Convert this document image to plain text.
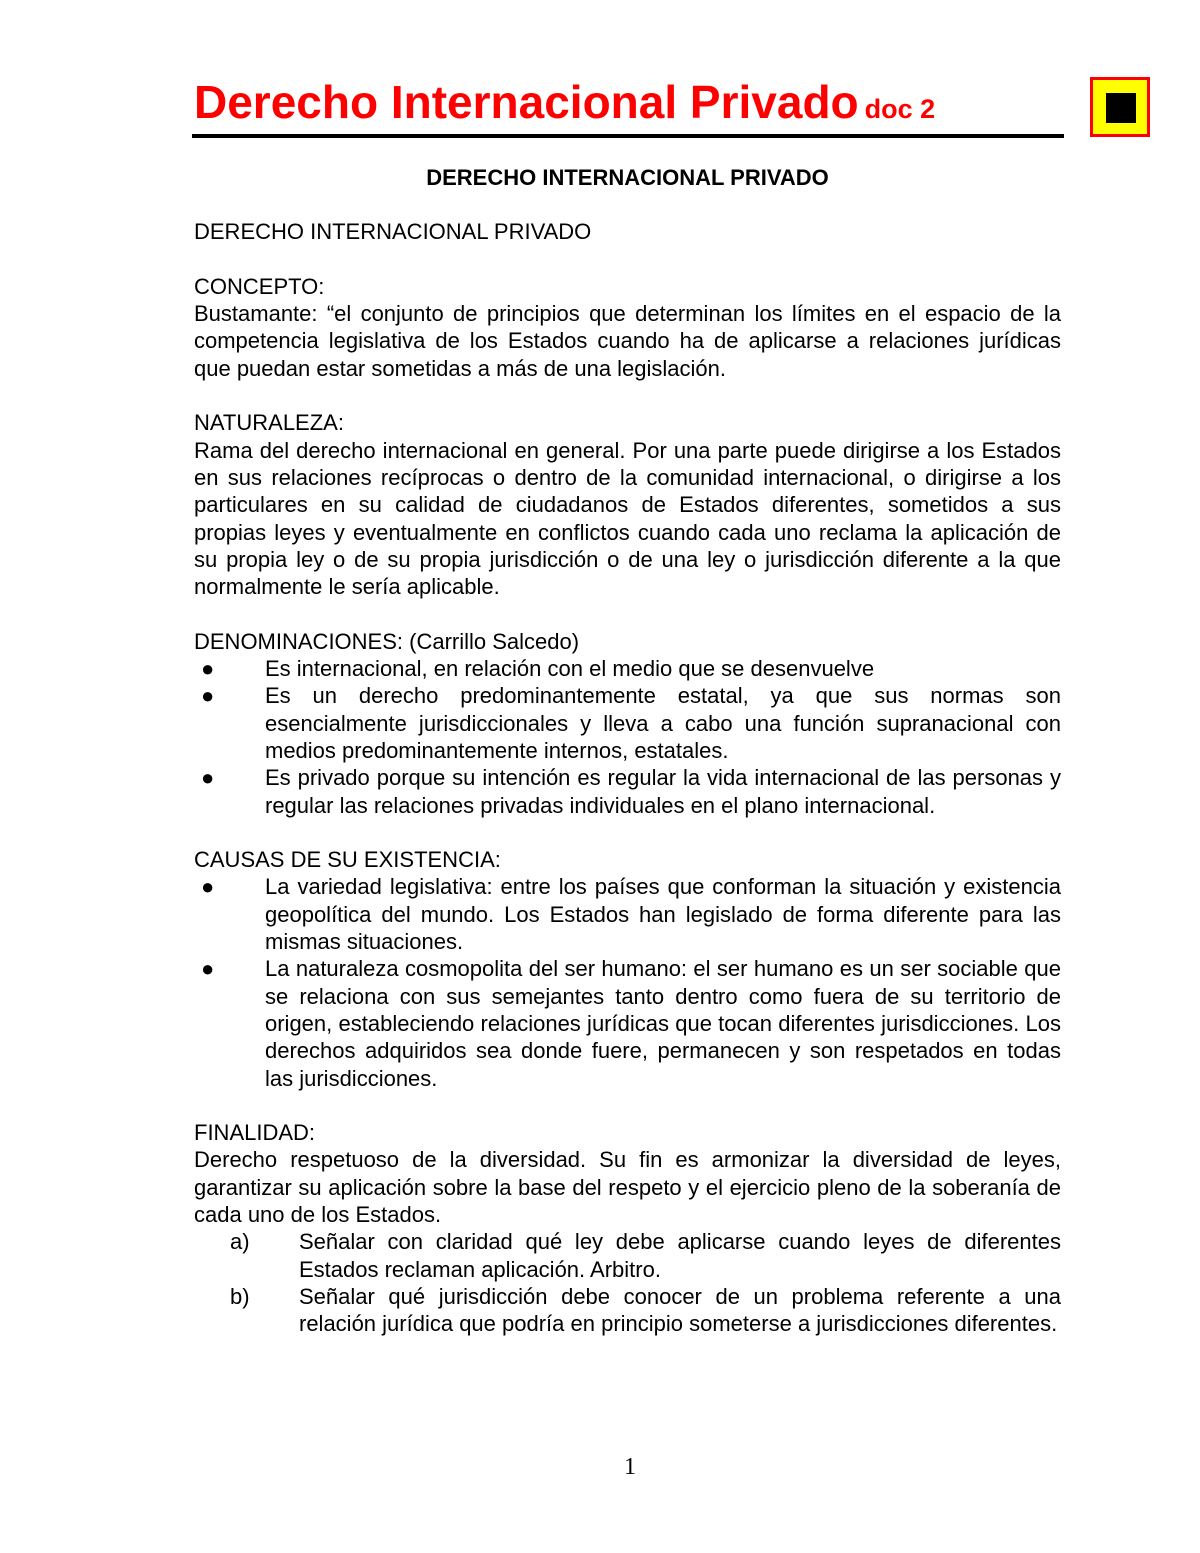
Derecho Internacional Privado doc 2

DERECHO INTERNACIONAL PRIVADO

DERECHO INTERNACIONAL PRIVADO

CONCEPTO:

Bustamante: “el conjunto de principios que determinan los límites en el espacio de la competencia legislativa de los Estados cuando ha de aplicarse a relaciones jurídicas que puedan estar sometidas a más de una legislación.

NATURALEZA:

Rama del derecho internacional en general. Por una parte puede dirigirse a los Estados en sus relaciones recíprocas o dentro de la comunidad internacional, o dirigirse a los particulares en su calidad de ciudadanos de Estados diferentes, sometidos a sus propias leyes y eventualmente en conflictos cuando cada uno reclama la aplicación de su propia ley o de su propia jurisdicción o de una ley o jurisdicción diferente a la que normalmente le sería aplicable.

DENOMINACIONES: (Carrillo Salcedo)

● Es internacional, en relación con el medio que se desenvuelve
● Es un derecho predominantemente estatal, ya que sus normas son esencialmente jurisdiccionales y lleva a cabo una función supranacional con medios predominantemente internos, estatales.
● Es privado porque su intención es regular la vida internacional de las personas y regular las relaciones privadas individuales en el plano internacional.

CAUSAS DE SU EXISTENCIA:

● La variedad legislativa: entre los países que conforman la situación y existencia geopolítica del mundo. Los Estados han legislado de forma diferente para las mismas situaciones.
● La naturaleza cosmopolita del ser humano: el ser humano es un ser sociable que se relaciona con sus semejantes tanto dentro como fuera de su territorio de origen, estableciendo relaciones jurídicas que tocan diferentes jurisdicciones. Los derechos adquiridos sea donde fuere, permanecen y son respetados en todas las jurisdicciones.

FINALIDAD:

Derecho respetuoso de la diversidad. Su fin es armonizar la diversidad de leyes, garantizar su aplicación sobre la base del respeto y el ejercicio pleno de la soberanía de cada uno de los Estados.

a) Señalar con claridad qué ley debe aplicarse cuando leyes de diferentes Estados reclaman aplicación. Arbitro.
b) Señalar qué jurisdicción debe conocer de un problema referente a una relación jurídica que podría en principio someterse a jurisdicciones diferentes.
1
